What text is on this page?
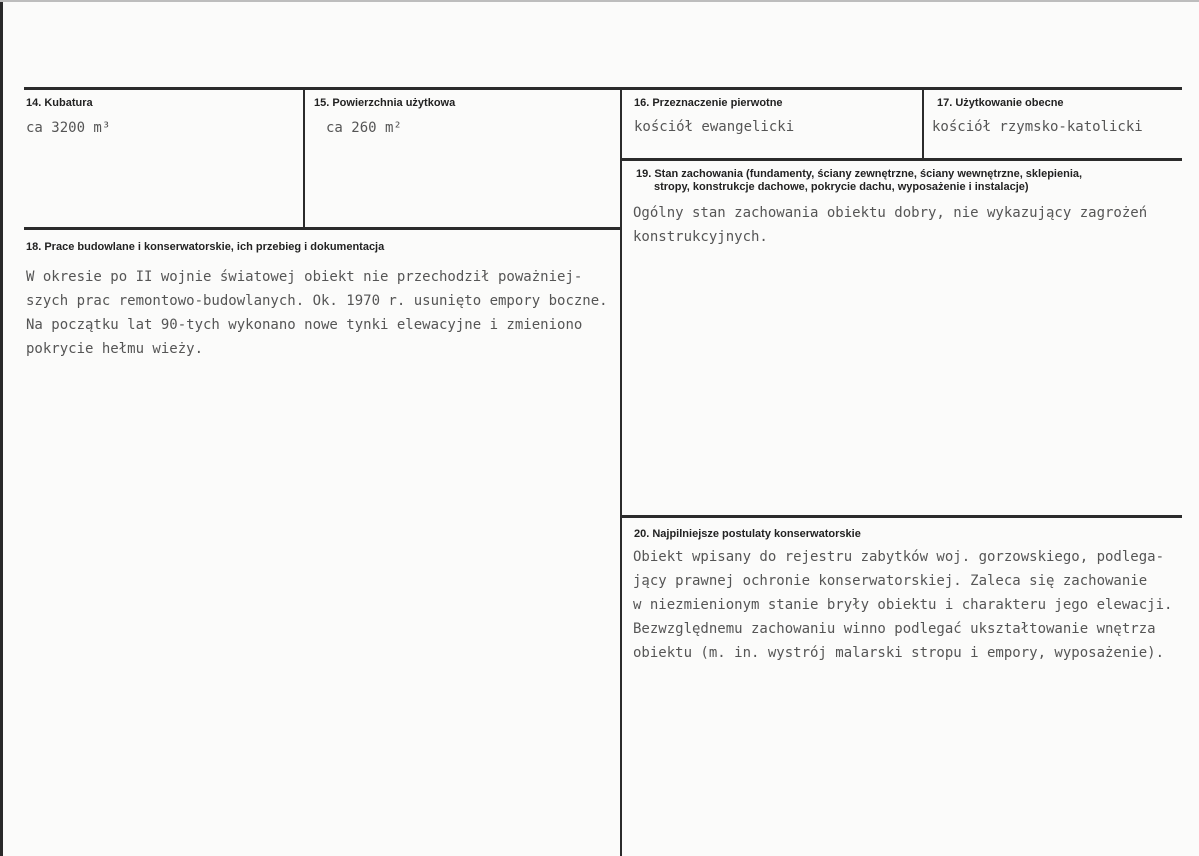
14. Kubatura
ca 3200 m³
15. Powierzchnia użytkowa
ca 260 m²
16. Przeznaczenie pierwotne
kościół ewangelicki
17. Użytkowanie obecne
kościół rzymsko-katolicki
19. Stan zachowania (fundamenty, ściany zewnętrzne, ściany wewnętrzne, sklepienia,
stropy, konstrukcje dachowe, pokrycie dachu, wyposażenie i instalacje)
Ogólny stan zachowania obiektu dobry, nie wykazujący zagrożeń
konstrukcyjnych.
18. Prace budowlane i konserwatorskie, ich przebieg i dokumentacja
W okresie po II wojnie światowej obiekt nie przechodził poważniej-
szych prac remontowo-budowlanych. Ok. 1970 r. usunięto empory boczne.
Na początku lat 90-tych wykonano nowe tynki elewacyjne i zmieniono
pokrycie hełmu wieży.
20. Najpilniejsze postulaty konserwatorskie
Obiekt wpisany do rejestru zabytków woj. gorzowskiego, podlega-
jący prawnej ochronie konserwatorskiej. Zaleca się zachowanie
w niezmienionym stanie bryły obiektu i charakteru jego elewacji.
Bezwzględnemu zachowaniu winno podlegać ukształtowanie wnętrza
obiektu (m. in. wystrój malarski stropu i empory, wyposażenie).
